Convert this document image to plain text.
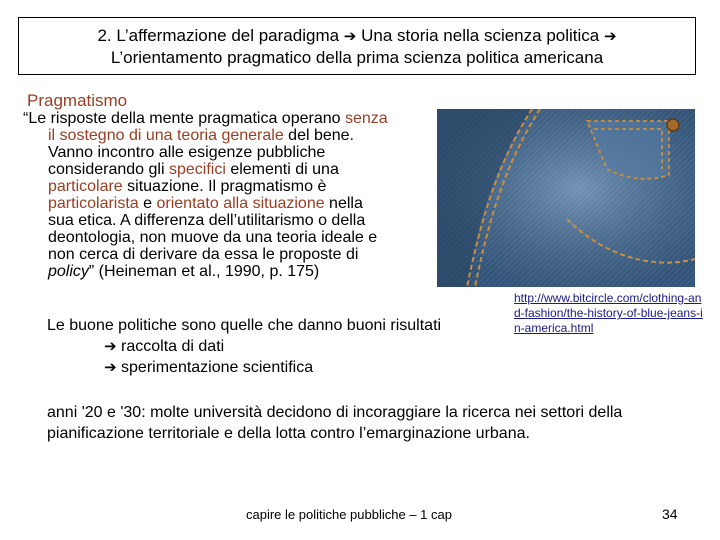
2. L’affermazione del paradigma ➔ Una storia nella scienza politica ➔
L’orientamento pragmatico della prima scienza politica americana
Pragmatismo

“Le risposte della mente pragmatica operano senza
il sostegno di una teoria generale del bene.
Vanno incontro alle esigenze pubbliche
considerando gli specifici elementi di una
particolare situazione. Il pragmatismo è
particolarista e orientato alla situazione nella
sua etica. A differenza dell’utilitarismo o della
deontologia, non muove da una teoria ideale e
non cerca di derivare da essa le proposte di
policy” (Heineman et al., 1990, p. 175)

http://www.bitcircle.com/clothing-and-fashion/the-history-of-blue-jeans-in-america.html
Le buone politiche sono quelle che danno buoni risultati
➔ raccolta di dati
➔ sperimentazione scientifica

anni '20 e '30: molte università decidono di incoraggiare la ricerca nei settori della pianificazione territoriale e della lotta contro l’emarginazione urbana.

capire le politiche pubbliche – 1 cap	34
